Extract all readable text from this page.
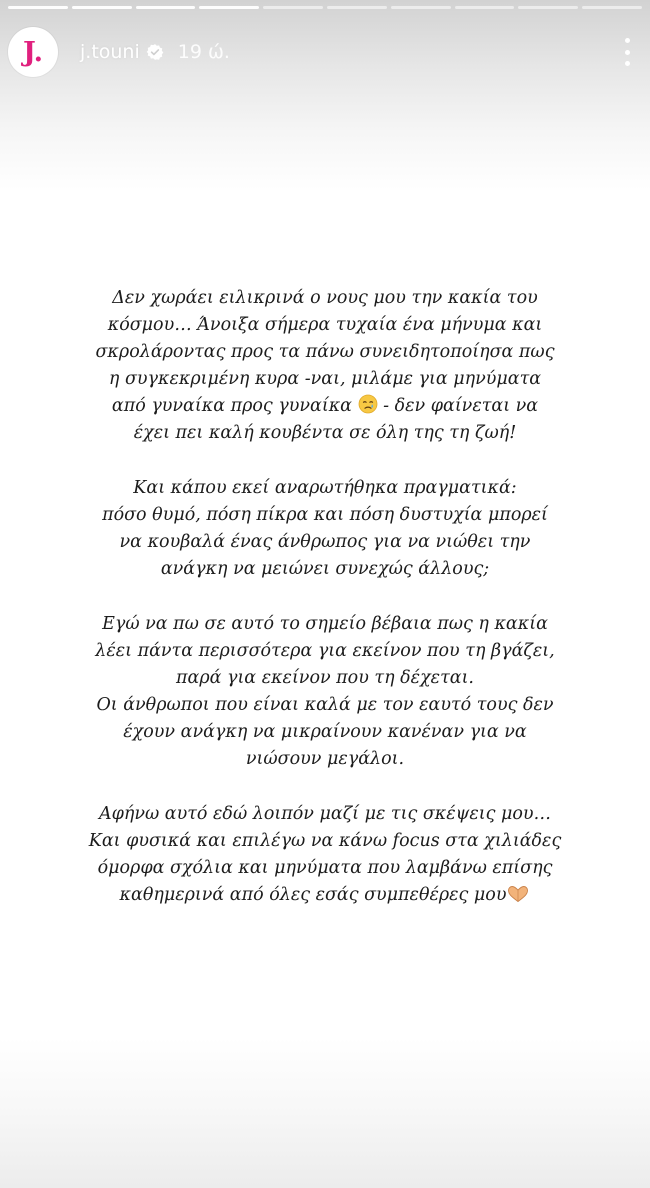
J. j.touni 19 ώ.

Δεν χωράει ειλικρινά ο νους μου την κακία του
κόσμου… Άνοιξα σήμερα τυχαία ένα μήνυμα και
σκρολάροντας προς τα πάνω συνειδητοποίησα πως
η συγκεκριμένη κυρα -ναι, μιλάμε για μηνύματα
από γυναίκα προς γυναίκα  - δεν φαίνεται να
έχει πει καλή κουβέντα σε όλη της τη ζωή!

Και κάπου εκεί αναρωτήθηκα πραγματικά:
πόσο θυμό, πόση πίκρα και πόση δυστυχία μπορεί
να κουβαλά ένας άνθρωπος για να νιώθει την
ανάγκη να μειώνει συνεχώς άλλους;

Εγώ να πω σε αυτό το σημείο βέβαια πως η κακία
λέει πάντα περισσότερα για εκείνον που τη βγάζει,
παρά για εκείνον που τη δέχεται.
Οι άνθρωποι που είναι καλά με τον εαυτό τους δεν
έχουν ανάγκη να μικραίνουν κανέναν για να
νιώσουν μεγάλοι.

Αφήνω αυτό εδώ λοιπόν μαζί με τις σκέψεις μου…
Και φυσικά και επιλέγω να κάνω focus στα χιλιάδες
όμορφα σχόλια και μηνύματα που λαμβάνω επίσης
καθημερινά από όλες εσάς συμπεθέρες μου
